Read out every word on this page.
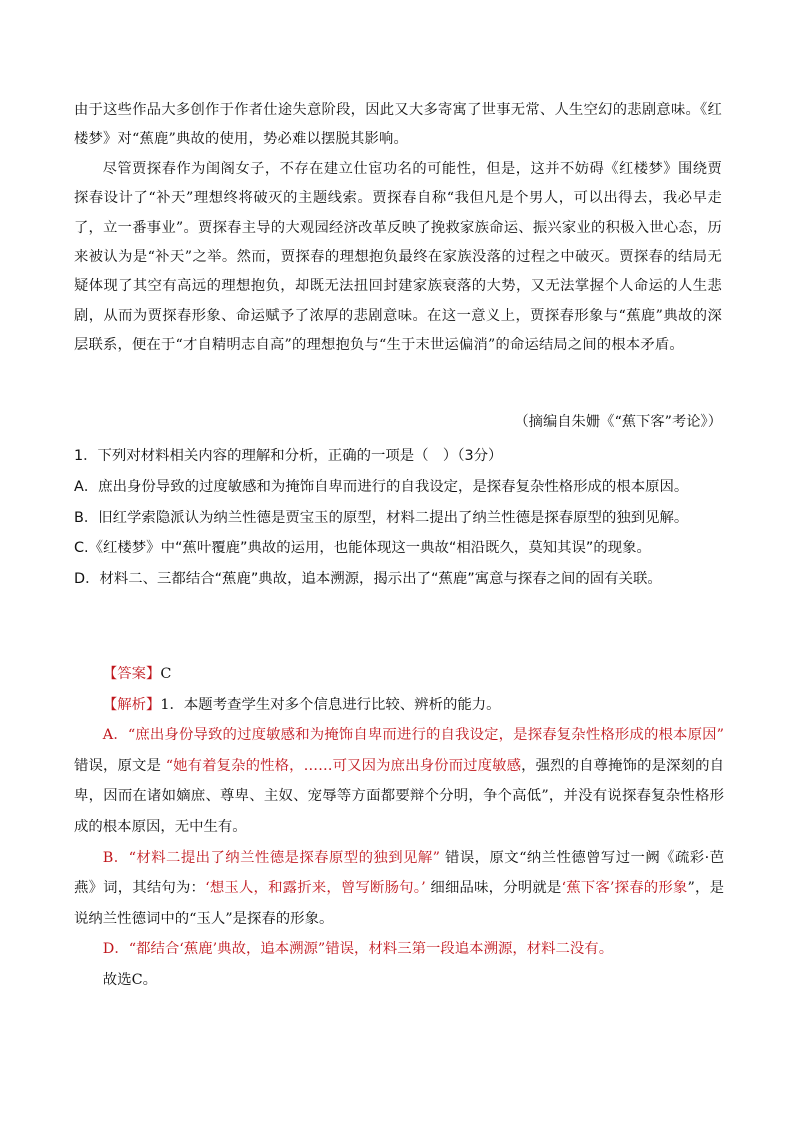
由于这些作品大多创作于作者仕途失意阶段，因此又大多寄寓了世事无常、人生空幻的悲剧意味。《红楼梦》对“蕉鹿”典故的使用，势必难以摆脱其影响。

尽管贾探春作为闺阁女子，不存在建立仕宦功名的可能性，但是，这并不妨碍《红楼梦》围绕贾探春设计了“补天”理想终将破灭的主题线索。贾探春自称“我但凡是个男人，可以出得去，我必早走了，立一番事业”。贾探春主导的大观园经济改革反映了挽救家族命运、振兴家业的积极入世心态，历来被认为是“补天”之举。然而，贾探春的理想抱负最终在家族没落的过程之中破灭。贾探春的结局无疑体现了其空有高远的理想抱负，却既无法扭回封建家族衰落的大势，又无法掌握个人命运的人生悲剧，从而为贾探春形象、命运赋予了浓厚的悲剧意味。在这一意义上，贾探春形象与“蕉鹿”典故的深层联系，便在于“才自精明志自高”的理想抱负与“生于末世运偏消”的命运结局之间的根本矛盾。

（摘编自朱姗《“蕉下客”考论》）

1．下列对材料相关内容的理解和分析，正确的一项是（　）（3分）

A．庶出身份导致的过度敏感和为掩饰自卑而进行的自我设定，是探春复杂性格形成的根本原因。

B．旧红学索隐派认为纳兰性德是贾宝玉的原型，材料二提出了纳兰性德是探春原型的独到见解。

C.《红楼梦》中“蕉叶覆鹿”典故的运用，也能体现这一典故“相沿既久，莫知其误”的现象。

D．材料二、三都结合“蕉鹿”典故，追本溯源，揭示出了“蕉鹿”寓意与探春之间的固有关联。

【答案】C

【解析】1．本题考查学生对多个信息进行比较、辨析的能力。

A．“庶出身份导致的过度敏感和为掩饰自卑而进行的自我设定，是探春复杂性格形成的根本原因” 错误，原文是 “她有着复杂的性格，……可又因为庶出身份而过度敏感，强烈的自尊掩饰的是深刻的自卑，因而在诸如嫡庶、尊卑、主奴、宠辱等方面都要辩个分明，争个高低”，并没有说探春复杂性格形成的根本原因，无中生有。

B．“材料二提出了纳兰性德是探春原型的独到见解” 错误，原文“纳兰性德曾写过一阙《疏彩·芭燕》词，其结句为：‘想玉人，和露折来，曾写断肠句。’ 细细品味，分明就是‘蕉下客’探春的形象”，是说纳兰性德词中的“玉人”是探春的形象。

D．“都结合‘蕉鹿’典故，追本溯源”错误，材料三第一段追本溯源，材料二没有。

故选C。
